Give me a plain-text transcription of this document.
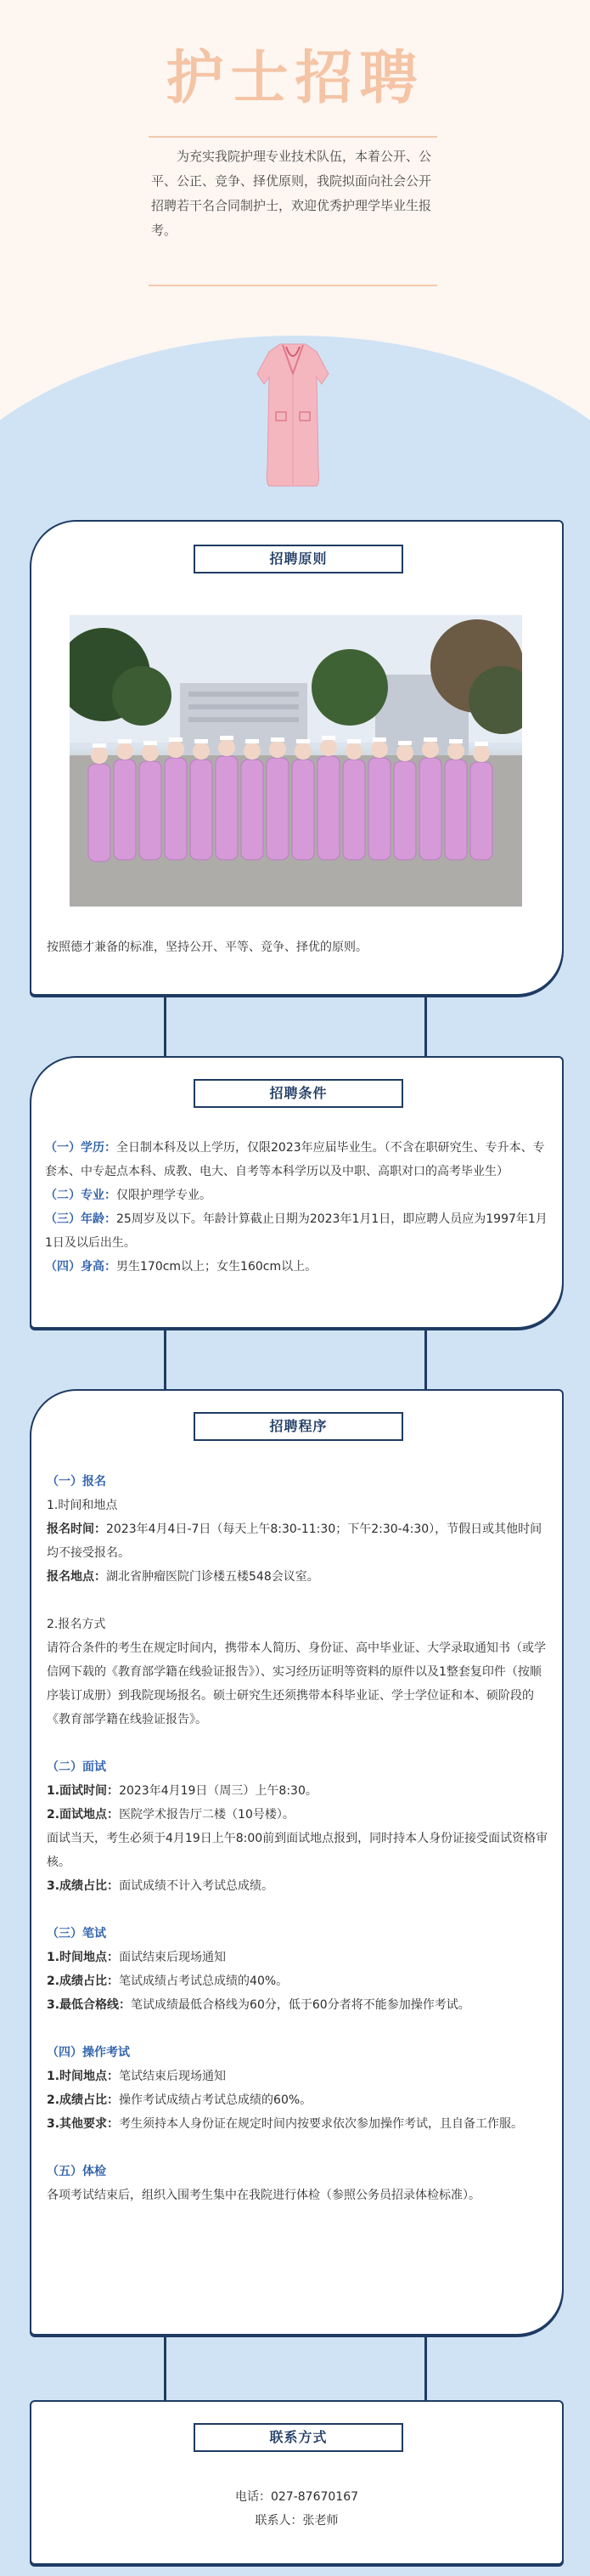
护士招聘
为充实我院护理专业技术队伍，本着公开、公平、公正、竞争、择优原则，我院拟面向社会公开招聘若干名合同制护士，欢迎优秀护理学毕业生报考。
招聘原则
按照德才兼备的标准，坚持公开、平等、竞争、择优的原则。
招聘条件
（一）学历：全日制本科及以上学历，仅限2023年应届毕业生。（不含在职研究生、专升本、专套本、中专起点本科、成教、电大、自考等本科学历以及中职、高职对口的高考毕业生）
（二）专业：仅限护理学专业。
（三）年龄：25周岁及以下。年龄计算截止日期为2023年1月1日，即应聘人员应为1997年1月1日及以后出生。
（四）身高：男生170cm以上；女生160cm以上。
招聘程序
（一）报名
1.时间和地点
报名时间：2023年4月4日-7日（每天上午8:30-11:30；下午2:30-4:30），节假日或其他时间均不接受报名。
报名地点：湖北省肿瘤医院门诊楼五楼548会议室。
2.报名方式
请符合条件的考生在规定时间内，携带本人简历、身份证、高中毕业证、大学录取通知书（或学信网下载的《教育部学籍在线验证报告》）、实习经历证明等资料的原件以及1整套复印件（按顺序装订成册）到我院现场报名。硕士研究生还须携带本科毕业证、学士学位证和本、硕阶段的《教育部学籍在线验证报告》。
（二）面试
1.面试时间：2023年4月19日（周三）上午8:30。
2.面试地点：医院学术报告厅二楼（10号楼）。
面试当天，考生必须于4月19日上午8:00前到面试地点报到，同时持本人身份证接受面试资格审核。
3.成绩占比：面试成绩不计入考试总成绩。
（三）笔试
1.时间地点：面试结束后现场通知
2.成绩占比：笔试成绩占考试总成绩的40%。
3.最低合格线：笔试成绩最低合格线为60分，低于60分者将不能参加操作考试。
（四）操作考试
1.时间地点：笔试结束后现场通知
2.成绩占比：操作考试成绩占考试总成绩的60%。
3.其他要求：考生须持本人身份证在规定时间内按要求依次参加操作考试，且自备工作服。
（五）体检
各项考试结束后，组织入围考生集中在我院进行体检（参照公务员招录体检标准）。
联系方式
电话：027-87670167
联系人：张老师
